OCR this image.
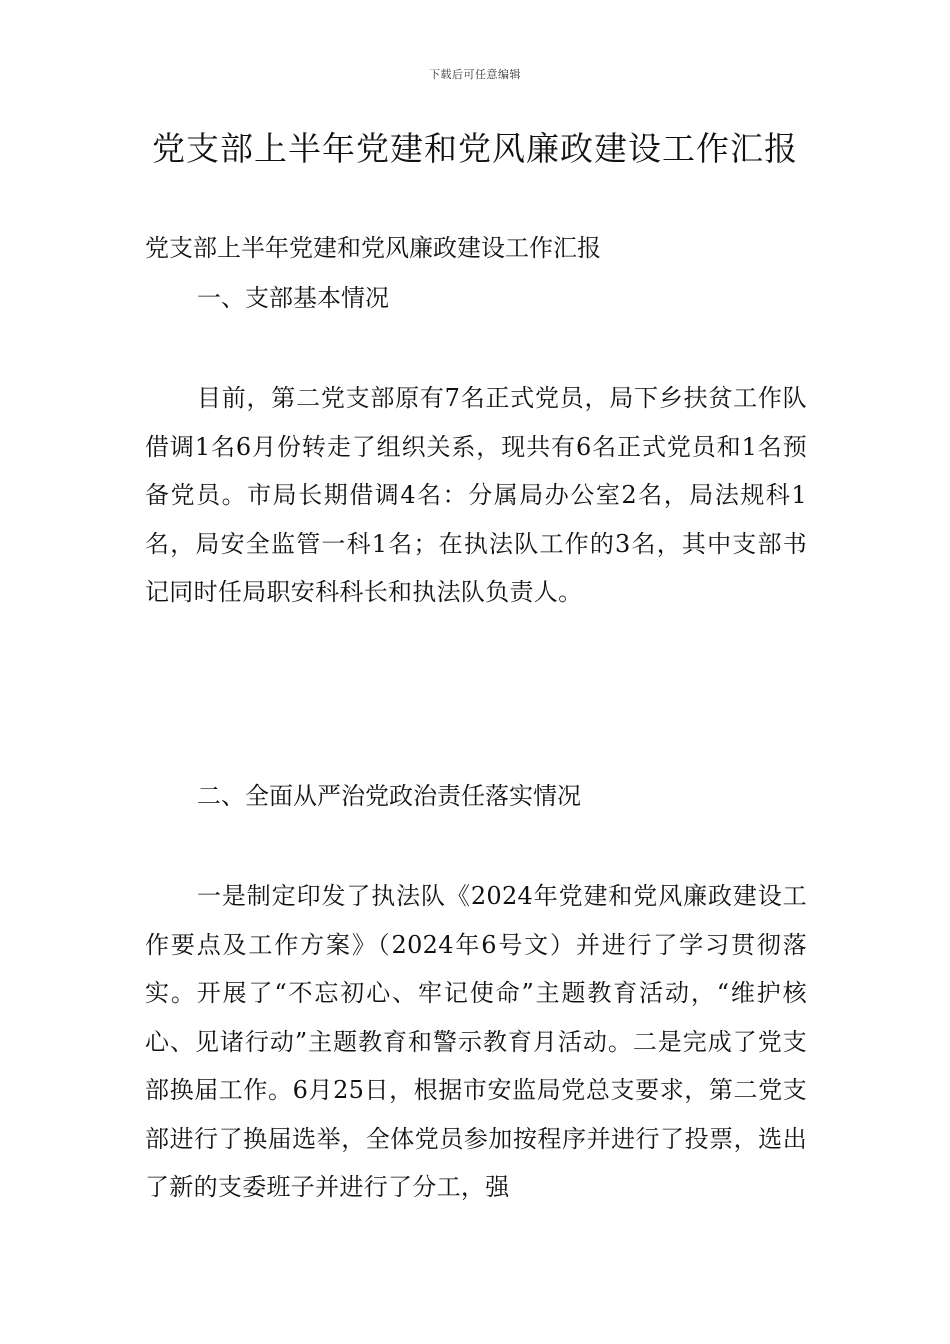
下载后可任意编辑
党支部上半年党建和党风廉政建设工作汇报

党支部上半年党建和党风廉政建设工作汇报

一、支部基本情况

目前，第二党支部原有7名正式党员，局下乡扶贫工作队借调1名6月份转走了组织关系，现共有6名正式党员和1名预备党员。市局长期借调4名：分属局办公室2名，局法规科1名，局安全监管一科1名；在执法队工作的3名，其中支部书记同时任局职安科科长和执法队负责人。

二、全面从严治党政治责任落实情况

一是制定印发了执法队《2024年党建和党风廉政建设工作要点及工作方案》（2024年6号文）并进行了学习贯彻落实。开展了“不忘初心、牢记使命”主题教育活动，“维护核心、见诸行动”主题教育和警示教育月活动。二是完成了党支部换届工作。6月25日，根据市安监局党总支要求，第二党支部进行了换届选举，全体党员参加按程序并进行了投票，选出了新的支委班子并进行了分工，强
